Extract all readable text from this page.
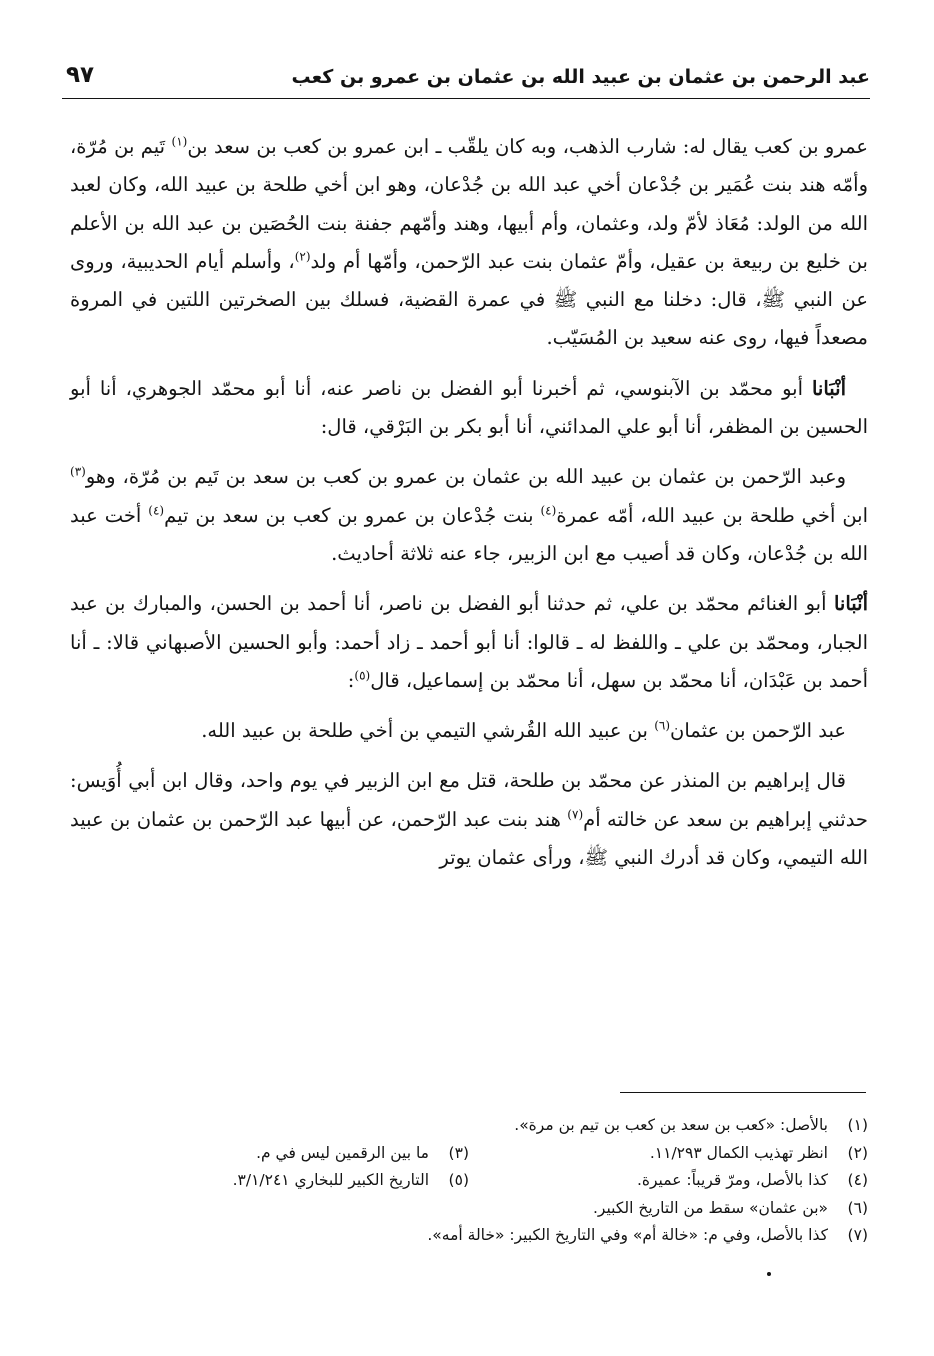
عبد الرحمن بن عثمان بن عبيد الله بن عثمان بن عمرو بن كعب
٩٧

عمرو بن كعب يقال له: شارب الذهب، وبه كان يلقّب ـ ابن عمرو بن كعب بن سعد بن$^{(١)}$ تَيم بن مُرّة، وأمّه هند بنت عُمَير بن جُدْعان أخي عبد الله بن جُدْعان، وهو ابن أخي طلحة بن عبيد الله، وكان لعبد الله من الولد: مُعَاذ لأمّ ولد، وعثمان، وأم أبيها، وهند وأمّهم جفنة بنت الحُصَين بن عبد الله بن الأعلم بن خليع بن ربيعة بن عقيل، وأمّ عثمان بنت عبد الرّحمن، وأمّها أم ولد$^{(٢)}$، وأسلم أيام الحديبية، وروى عن النبي ﷺ، قال: دخلنا مع النبي ﷺ في عمرة القضية، فسلك بين الصخرتين اللتين في المروة مصعداً فيها، روى عنه سعيد بن المُسَيّب.

أنْبَانا أبو محمّد بن الآبنوسي، ثم أخبرنا أبو الفضل بن ناصر عنه، أنا أبو محمّد الجوهري، أنا أبو الحسين بن المظفر، أنا أبو علي المدائني، أنا أبو بكر بن البَرْقي، قال:

وعبد الرّحمن بن عثمان بن عبيد الله بن عثمان بن عمرو بن كعب بن سعد بن تَيم بن مُرّة، وهو$^{(٣)}$ ابن أخي طلحة بن عبيد الله، أمّه عمرة$^{(٤)}$ بنت جُدْعان بن عمرو بن كعب بن سعد بن تيم$^{(٤)}$ أخت عبد الله بن جُدْعان، وكان قد أصيب مع ابن الزبير، جاء عنه ثلاثة أحاديث.

أنْبَانا أبو الغنائم محمّد بن علي، ثم حدثنا أبو الفضل بن ناصر، أنا أحمد بن الحسن، والمبارك بن عبد الجبار، ومحمّد بن علي ـ واللفظ له ـ قالوا: أنا أبو أحمد ـ زاد أحمد: وأبو الحسين الأصبهاني قالا: ـ أنا أحمد بن عَبْدَان، أنا محمّد بن سهل، أنا محمّد بن إسماعيل، قال$^{(٥)}$:

عبد الرّحمن بن عثمان$^{(٦)}$ بن عبيد الله القُرشي التيمي بن أخي طلحة بن عبيد الله.

قال إبراهيم بن المنذر عن محمّد بن طلحة، قتل مع ابن الزبير في يوم واحد، وقال ابن أبي أُوَيس: حدثني إبراهيم بن سعد عن خالته أم$^{(٧)}$ هند بنت عبد الرّحمن، عن أبيها عبد الرّحمن بن عثمان بن عبيد الله التيمي، وكان قد أدرك النبي ﷺ، ورأى عثمان يوتر

(١)
بالأصل: «كعب بن سعد بن كعب بن تيم بن مرة».
(٢)
انظر تهذيب الكمال ١١/٢٩٣.
(٣)
ما بين الرقمين ليس في م.
(٤)
كذا بالأصل، ومرّ قريباً: عميرة.
(٥)
التاريخ الكبير للبخاري ٣/١/٢٤١.
(٦)
«بن عثمان» سقط من التاريخ الكبير.
(٧)
كذا بالأصل، وفي م: «خالة أم» وفي التاريخ الكبير: «خالة أمه».
